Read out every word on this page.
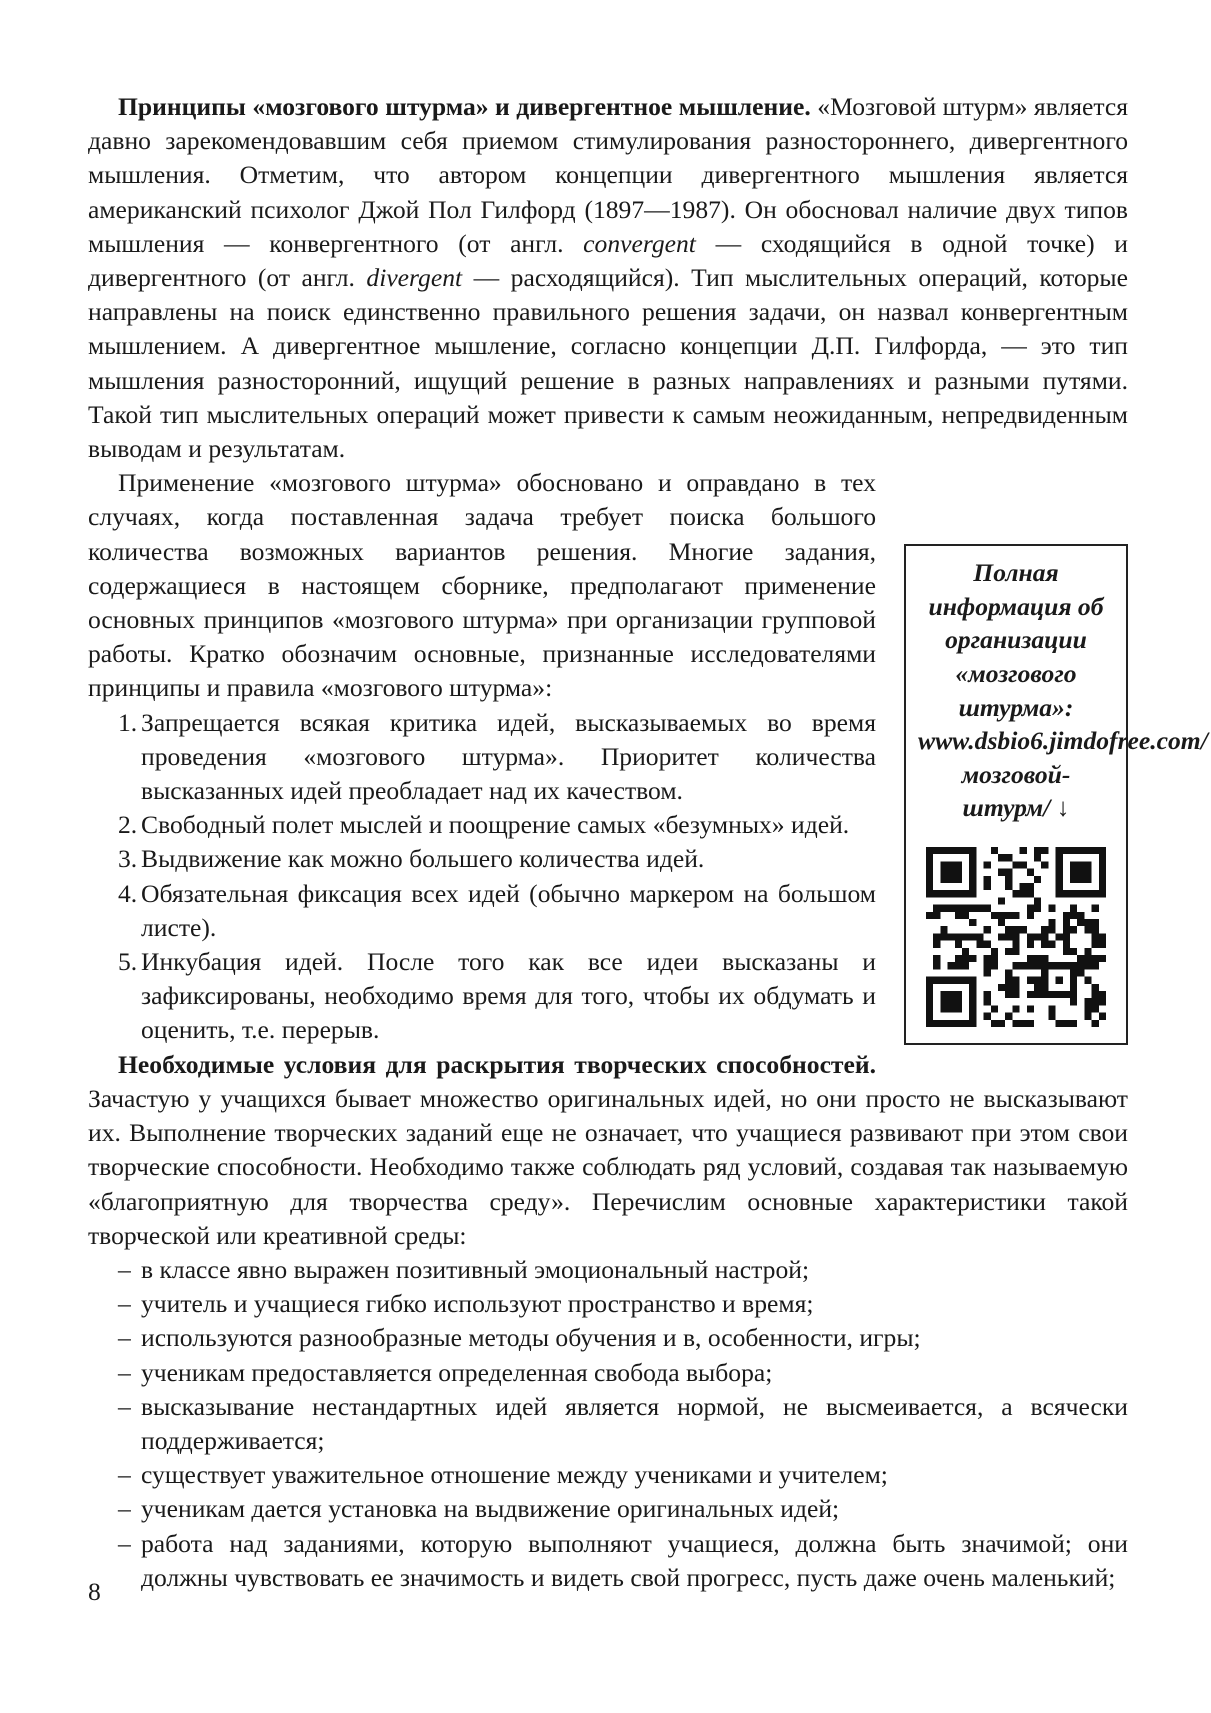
Принципы «мозгового штурма» и дивергентное мышление. «Мозговой штурм» является давно зарекомендовавшим себя приемом стимулирования разностороннего, дивергентного мышления. Отметим, что автором концепции дивергентного мышления является американский психолог Джой Пол Гилфорд (1897—1987). Он обосновал наличие двух типов мышления — конвергентного (от англ. convergent — сходящийся в одной точке) и дивергентного (от англ. divergent — расходящийся). Тип мыслительных операций, которые направлены на поиск единственно правильного решения задачи, он назвал конвергентным мышлением. А дивергентное мышление, согласно концепции Д.П. Гилфорда, — это тип мышления разносторонний, ищущий решение в разных направлениях и разными путями. Такой тип мыслительных операций может привести к самым неожиданным, непредвиденным выводам и результатам.

Полная информация об организации «мозгового штурма»: www.dsbio6.jimdofree.com/мозговой-штурм/ ↓

Применение «мозгового штурма» обосновано и оправдано в тех случаях, когда поставленная задача требует поиска большого количества возможных вариантов решения. Многие задания, содержащиеся в настоящем сборнике, предполагают применение основных принципов «мозгового штурма» при организации групповой работы. Кратко обозначим основные, признанные исследователями принципы и правила «мозгового штурма»:

1. Запрещается всякая критика идей, высказываемых во время проведения «мозгового штурма». Приоритет количества высказанных идей преобладает над их качеством.
2. Свободный полет мыслей и поощрение самых «безумных» идей.
3. Выдвижение как можно большего количества идей.
4. Обязательная фиксация всех идей (обычно маркером на большом листе).
5. Инкубация идей. После того как все идеи высказаны и зафиксированы, необходимо время для того, чтобы их обдумать и оценить, т.е. перерыв.

Необходимые условия для раскрытия творческих способностей. Зачастую у учащихся бывает множество оригинальных идей, но они просто не высказывают их. Выполнение творческих заданий еще не означает, что учащиеся развивают при этом свои творческие способности. Необходимо также соблюдать ряд условий, создавая так называемую «благоприятную для творчества среду». Перечислим основные характеристики такой творческой или креативной среды:

– в классе явно выражен позитивный эмоциональный настрой;
– учитель и учащиеся гибко используют пространство и время;
– используются разнообразные методы обучения и в, особенности, игры;
– ученикам предоставляется определенная свобода выбора;
– высказывание нестандартных идей является нормой, не высмеивается, а всячески поддерживается;
– существует уважительное отношение между учениками и учителем;
– ученикам дается установка на выдвижение оригинальных идей;
– работа над заданиями, которую выполняют учащиеся, должна быть значимой; они должны чувствовать ее значимость и видеть свой прогресс, пусть даже очень маленький;
8
